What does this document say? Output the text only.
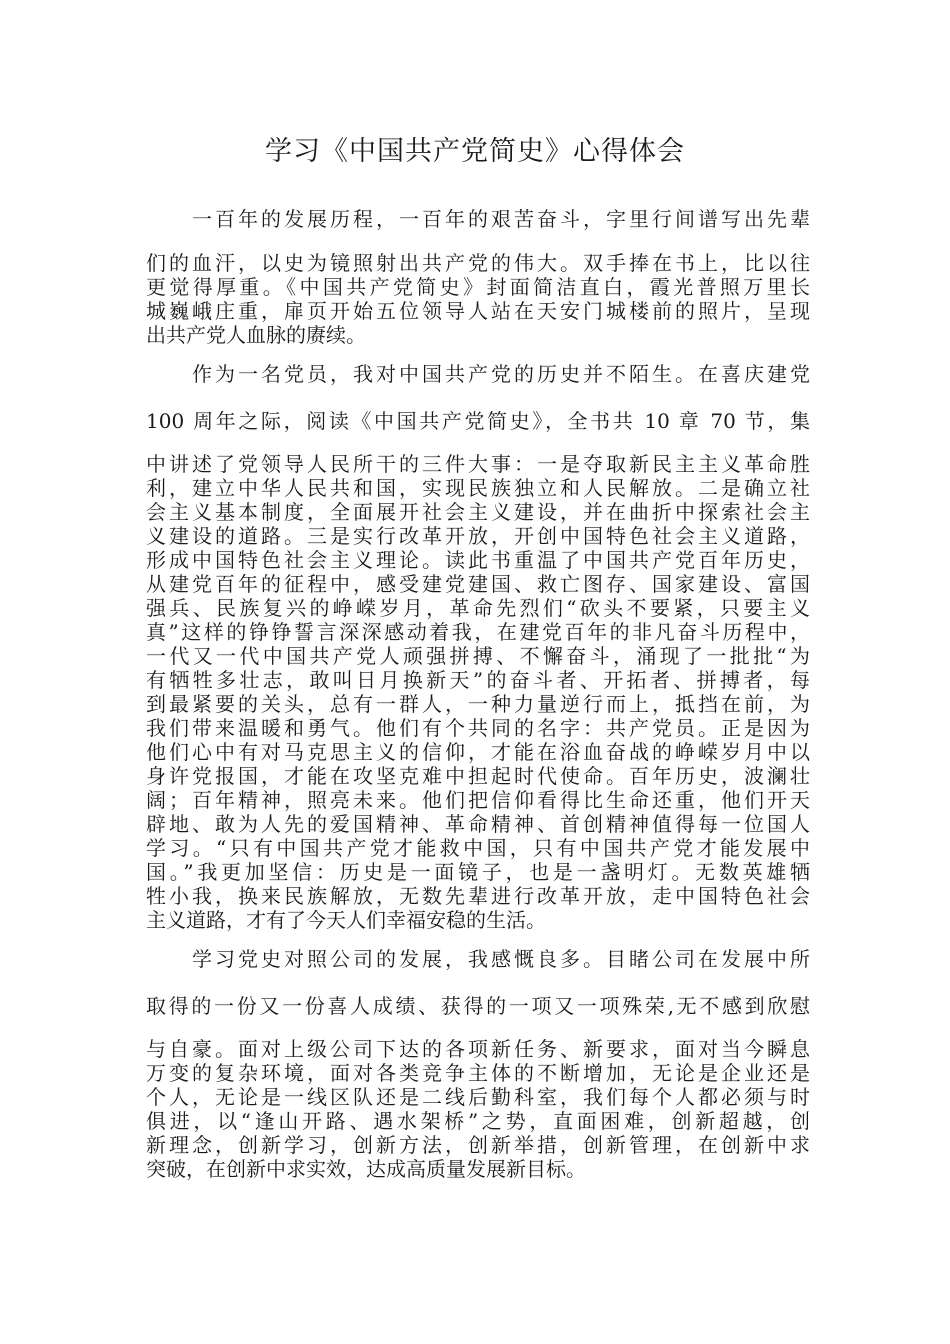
学习《中国共产党简史》心得体会

一百年的发展历程，一百年的艰苦奋斗，字里行间谱写出先辈

们的血汗，以史为镜照射出共产党的伟大。双手捧在书上，比以往

更觉得厚重。《中国共产党简史》封面简洁直白，霞光普照万里长

城巍峨庄重，扉页开始五位领导人站在天安门城楼前的照片，呈现

出共产党人血脉的赓续。

作为一名党员，我对中国共产党的历史并不陌生。在喜庆建党

100 周年之际，阅读《中国共产党简史》，全书共 10 章 70 节，集

中讲述了党领导人民所干的三件大事：一是夺取新民主主义革命胜

利，建立中华人民共和国，实现民族独立和人民解放。二是确立社

会主义基本制度，全面展开社会主义建设，并在曲折中探索社会主

义建设的道路。三是实行改革开放，开创中国特色社会主义道路，

形成中国特色社会主义理论。读此书重温了中国共产党百年历史，

从建党百年的征程中，感受建党建国、救亡图存、国家建设、富国

强兵、民族复兴的峥嵘岁月，革命先烈们“砍头不要紧，只要主义

真”这样的铮铮誓言深深感动着我，在建党百年的非凡奋斗历程中，

一代又一代中国共产党人顽强拼搏、不懈奋斗，涌现了一批批“为

有牺牲多壮志，敢叫日月换新天”的奋斗者、开拓者、拼搏者，每

到最紧要的关头，总有一群人，一种力量逆行而上，抵挡在前，为

我们带来温暖和勇气。他们有个共同的名字：共产党员。正是因为

他们心中有对马克思主义的信仰，才能在浴血奋战的峥嵘岁月中以

身许党报国，才能在攻坚克难中担起时代使命。百年历史，波澜壮

阔；百年精神，照亮未来。他们把信仰看得比生命还重，他们开天

辟地、敢为人先的爱国精神、革命精神、首创精神值得每一位国人

学习。“只有中国共产党才能救中国，只有中国共产党才能发展中

国。”我更加坚信：历史是一面镜子，也是一盏明灯。无数英雄牺

牲小我，换来民族解放，无数先辈进行改革开放，走中国特色社会

主义道路，才有了今天人们幸福安稳的生活。

学习党史对照公司的发展，我感慨良多。目睹公司在发展中所

取得的一份又一份喜人成绩、获得的一项又一项殊荣,无不感到欣慰

与自豪。面对上级公司下达的各项新任务、新要求，面对当今瞬息

万变的复杂环境，面对各类竞争主体的不断增加，无论是企业还是

个人，无论是一线区队还是二线后勤科室，我们每个人都必须与时

俱进，以“逢山开路、遇水架桥”之势，直面困难，创新超越，创

新理念，创新学习，创新方法，创新举措，创新管理，在创新中求

突破，在创新中求实效，达成高质量发展新目标。
